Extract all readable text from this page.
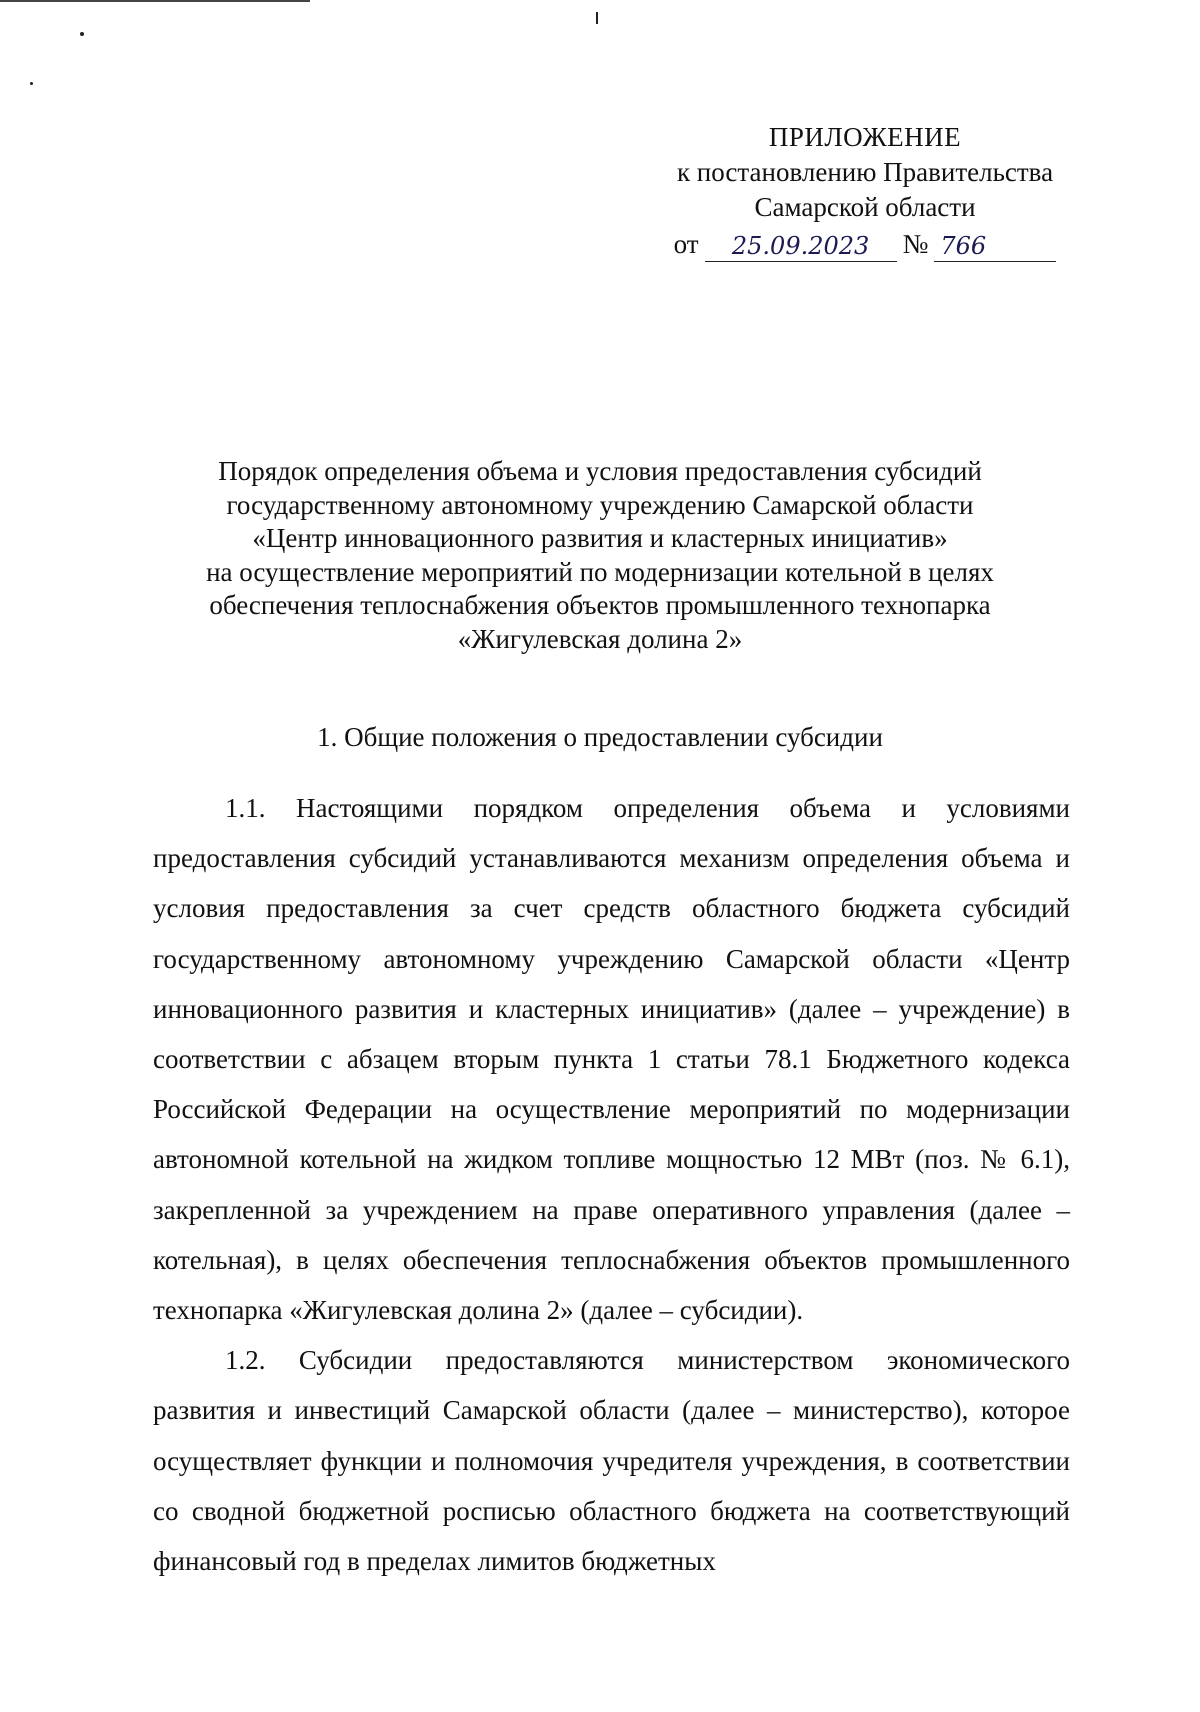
ПРИЛОЖЕНИЕ
к постановлению Правительства
Самарской области
от	25.09.2023	№ 766
Порядок определения объема и условия предоставления субсидий
государственному автономному учреждению Самарской области
«Центр инновационного развития и кластерных инициатив»
на осуществление мероприятий по модернизации котельной в целях
обеспечения теплоснабжения объектов промышленного технопарка
«Жигулевская долина 2»
1. Общие положения о предоставлении субсидии

1.1. Настоящими порядком определения объема и условиями предоставления субсидий устанавливаются механизм определения объема и условия предоставления за счет средств областного бюджета субсидий государственному автономному учреждению Самарской области «Центр инновационного развития и кластерных инициатив» (далее – учреждение) в соответствии с абзацем вторым пункта 1 статьи 78.1 Бюджетного кодекса Российской Федерации на осуществление мероприятий по модернизации автономной котельной на жидком топливе мощностью 12 МВт (поз. № 6.1), закрепленной за учреждением на праве оперативного управления (далее – котельная), в целях обеспечения теплоснабжения объектов промышленного технопарка «Жигулевская долина 2» (далее – субсидии).

1.2. Субсидии предоставляются министерством экономического развития и инвестиций Самарской области (далее – министерство), которое осуществляет функции и полномочия учредителя учреждения, в соответствии со сводной бюджетной росписью областного бюджета на соответствующий финансовый год в пределах лимитов бюджетных
